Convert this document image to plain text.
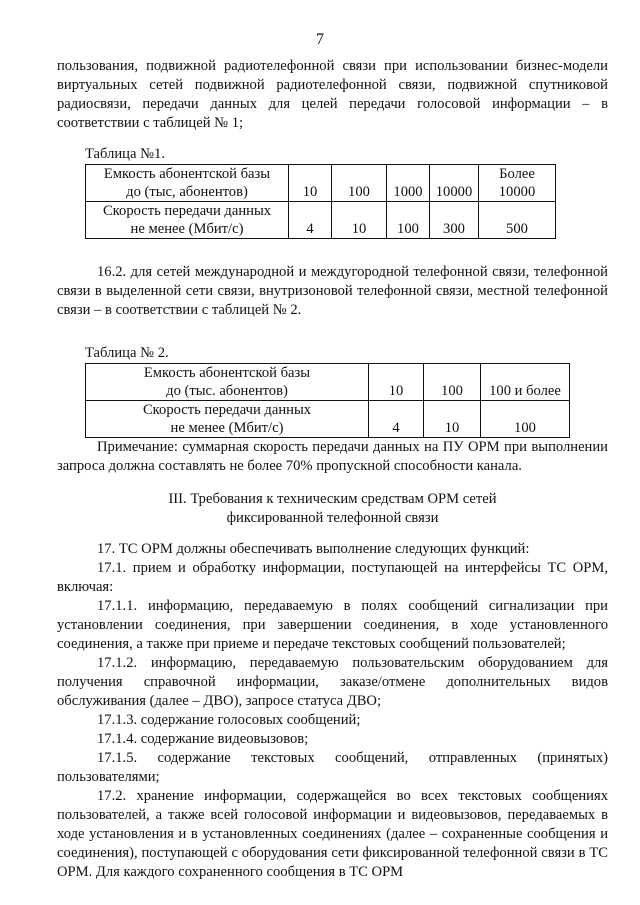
7

пользования, подвижной радиотелефонной связи при использовании бизнес-модели виртуальных сетей подвижной радиотелефонной связи, подвижной спутниковой радиосвязи, передачи данных для целей передачи голосовой информации – в соответствии с таблицей № 1;

Таблица №1.
Емкость абонентской базы
до (тыс, абонентов)	10	100	1000	10000	Более 10000
Скорость передачи данных
не менее (Мбит/с)	4	10	100	300	500

16.2. для сетей международной и междугородной телефонной связи, телефонной связи в выделенной сети связи, внутризоновой телефонной связи, местной телефонной связи – в соответствии с таблицей № 2.

Таблица № 2.
Емкость абонентской базы
до (тыс. абонентов)	10	100	100 и более
Скорость передачи данных
не менее (Мбит/с)	4	10	100

Примечание: суммарная скорость передачи данных на ПУ ОРМ при выполнении запроса должна составлять не более 70% пропускной способности канала.

III. Требования к техническим средствам ОРМ сетей
фиксированной телефонной связи

17. ТС ОРМ должны обеспечивать выполнение следующих функций:

17.1. прием и обработку информации, поступающей на интерфейсы ТС ОРМ, включая:

17.1.1. информацию, передаваемую в полях сообщений сигнализации при установлении соединения, при завершении соединения, в ходе установленного соединения, а также при приеме и передаче текстовых сообщений пользователей;

17.1.2. информацию, передаваемую пользовательским оборудованием для получения справочной информации, заказе/отмене дополнительных видов обслуживания (далее – ДВО), запросе статуса ДВО;

17.1.3. содержание голосовых сообщений;

17.1.4. содержание видеовызовов;

17.1.5. содержание текстовых сообщений, отправленных (принятых) пользователями;

17.2. хранение информации, содержащейся во всех текстовых сообщениях пользователей, а также всей голосовой информации и видеовызовов, передаваемых в ходе установления и в установленных соединениях (далее – сохраненные сообщения и соединения), поступающей с оборудования сети фиксированной телефонной связи в ТС ОРМ. Для каждого сохраненного сообщения в ТС ОРМ
